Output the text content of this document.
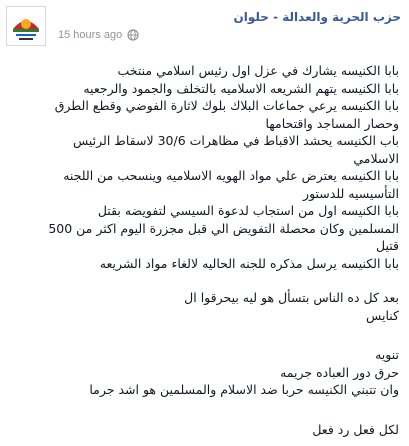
حزب الحرية والعدالة - حلوان
15 hours ago
بابا الكنيسه يشارك في عزل اول رئيس اسلامي منتخب
بابا الكنيسه يتهم الشريعه الاسلاميه بالتخلف والجمود والرجعيه
بابا الكنيسه يرعي جماعات البلاك بلوك لاثارة الفوضي وقطع الطرق
وحصار المساجد واقتحامها
باب الكنيسه يحشد الاقباط في مظاهرات 30/6 لاسقاط الرئيس
الاسلامي
بابا الكنيسه يعترض علي مواد الهويه الاسلاميه وينسحب من اللجنه
التأسيسيه للدستور
بابا الكنيسه اول من استجاب لدعوة السيسي لتفويضه بقتل
المسلمين وكان محصلة التفويض الي قبل مجزرة اليوم اكثر من 500
قتيل
بابا الكنيسه يرسل مذكره للجنه الحاليه لالغاء مواد الشريعه
بعد كل ده الناس بتسأل هو ليه بيحرقوا ال
كنايس
تنويه
حرق دور العباده جريمه
وان تتبني الكنيسه حربا ضد الاسلام والمسلمين هو اشد جرما
لكل فعل رد فعل
